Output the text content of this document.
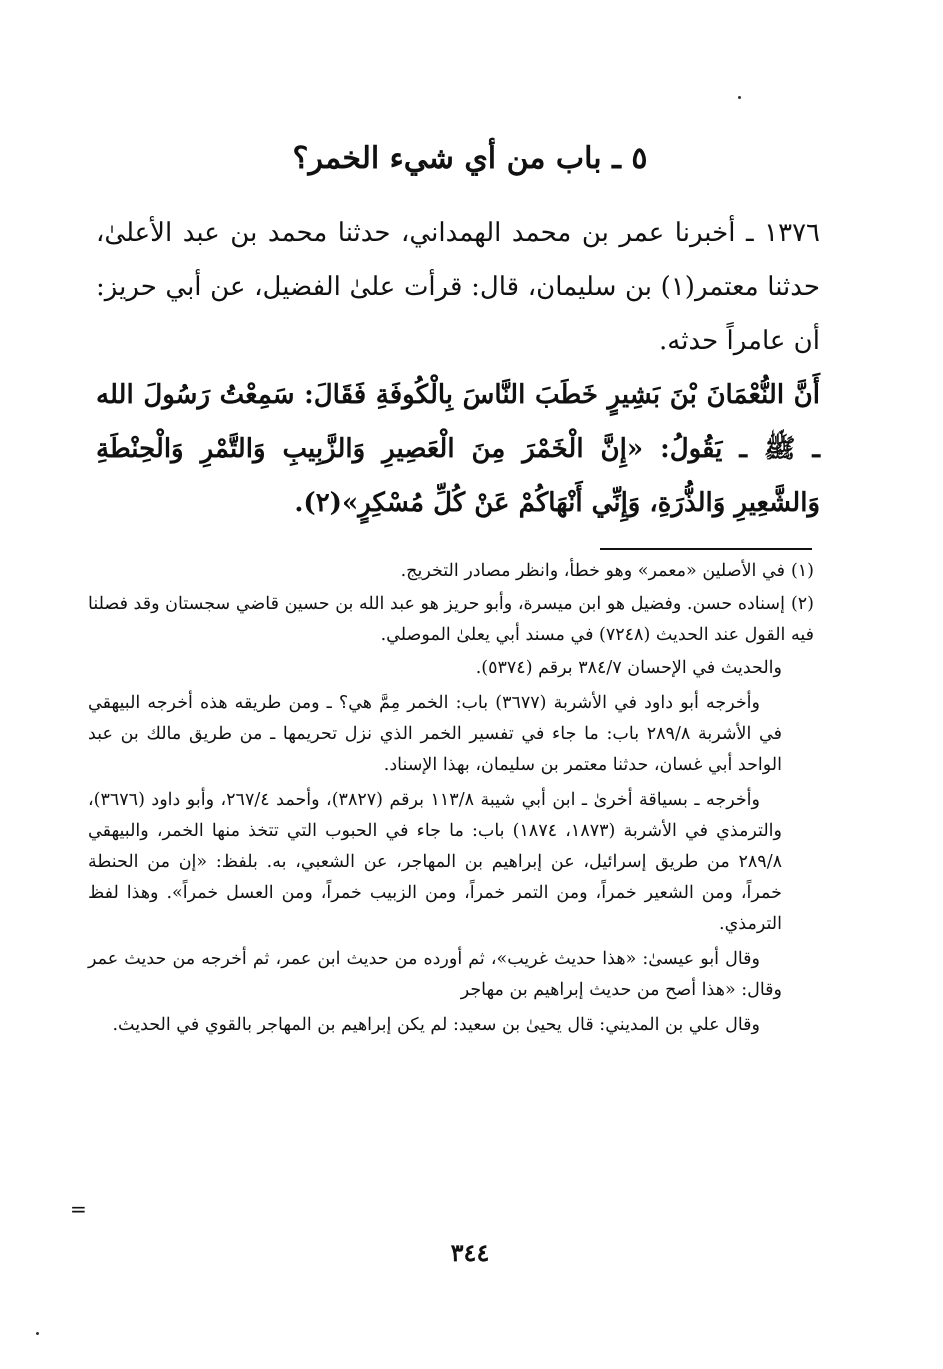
٥ ـ باب من أي شيء الخمر؟
١٣٧٦ ـ أخبرنا عمر بن محمد الهمداني، حدثنا محمد بن عبد الأعلىٰ، حدثنا معتمر(١) بن سليمان، قال: قرأت علىٰ الفضيل، عن أبي حريز: أن عامراً حدثه.
أَنَّ النُّعْمَانَ بْنَ بَشِيرٍ خَطَبَ النَّاسَ بِالْكُوفَةِ فَقَالَ: سَمِعْتُ رَسُولَ الله ـ ﷺ ـ يَقُولُ: «إِنَّ الْخَمْرَ مِنَ الْعَصِيرِ وَالزَّبِيبِ وَالتَّمْرِ وَالْحِنْطَةِ وَالشَّعِيرِ وَالذُّرَةِ، وَإِنِّي أَنْهَاكُمْ عَنْ كُلِّ مُسْكِرٍ»(٢).

(١)في الأصلين «معمر» وهو خطأ، وانظر مصادر التخريج.

(٢)إسناده حسن. وفضيل هو ابن ميسرة، وأبو حريز هو عبد الله بن حسين قاضي سجستان وقد فصلنا فيه القول عند الحديث (٧٢٤٨) في مسند أبي يعلىٰ الموصلي.

والحديث في الإحسان ٣٨٤/٧ برقم (٥٣٧٤).

وأخرجه أبو داود في الأشربة (٣٦٧٧) باب: الخمر مِمَّ هي؟ ـ ومن طريقه هذه أخرجه البيهقي في الأشربة ٢٨٩/٨ باب: ما جاء في تفسير الخمر الذي نزل تحريمها ـ من طريق مالك بن عبد الواحد أبي غسان، حدثنا معتمر بن سليمان، بهذا الإسناد.

وأخرجه ـ بسياقة أخرىٰ ـ ابن أبي شيبة ١١٣/٨ برقم (٣٨٢٧)، وأحمد ٢٦٧/٤، وأبو داود (٣٦٧٦)، والترمذي في الأشربة (١٨٧٣، ١٨٧٤) باب: ما جاء في الحبوب التي تتخذ منها الخمر، والبيهقي ٢٨٩/٨ من طريق إسرائيل، عن إبراهيم بن المهاجر، عن الشعبي، به. بلفظ: «إن من الحنطة خمراً، ومن الشعير خمراً، ومن التمر خمراً، ومن الزبيب خمراً، ومن العسل خمراً». وهذا لفظ الترمذي.

وقال أبو عيسىٰ: «هذا حديث غريب»، ثم أورده من حديث ابن عمر، ثم أخرجه من حديث عمر وقال: «هذا أصح من حديث إبراهيم بن مهاجر

وقال علي بن المديني: قال يحيىٰ بن سعيد: لم يكن إبراهيم بن المهاجر بالقوي في الحديث.

=
٣٤٤
